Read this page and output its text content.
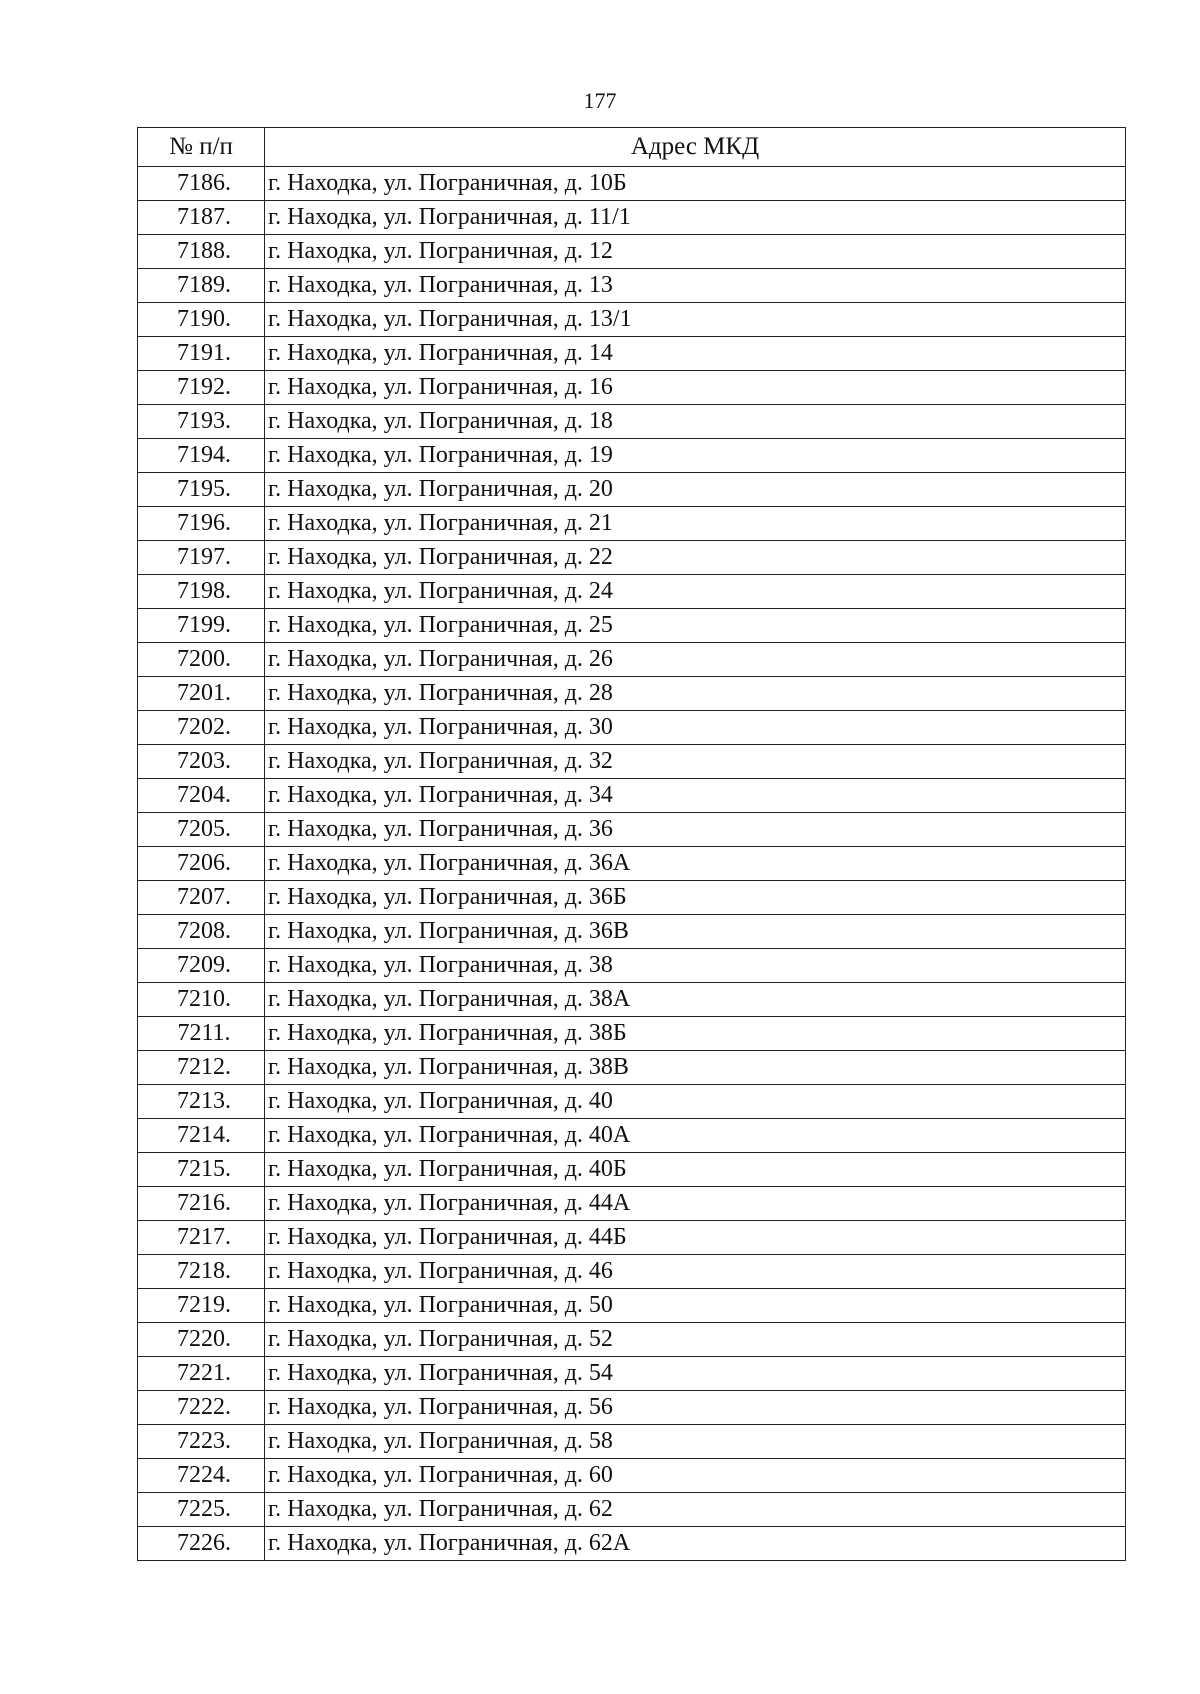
177
№ п/п	Адрес МКД
7186.	г. Находка, ул. Пограничная, д. 10Б
7187.	г. Находка, ул. Пограничная, д. 11/1
7188.	г. Находка, ул. Пограничная, д. 12
7189.	г. Находка, ул. Пограничная, д. 13
7190.	г. Находка, ул. Пограничная, д. 13/1
7191.	г. Находка, ул. Пограничная, д. 14
7192.	г. Находка, ул. Пограничная, д. 16
7193.	г. Находка, ул. Пограничная, д. 18
7194.	г. Находка, ул. Пограничная, д. 19
7195.	г. Находка, ул. Пограничная, д. 20
7196.	г. Находка, ул. Пограничная, д. 21
7197.	г. Находка, ул. Пограничная, д. 22
7198.	г. Находка, ул. Пограничная, д. 24
7199.	г. Находка, ул. Пограничная, д. 25
7200.	г. Находка, ул. Пограничная, д. 26
7201.	г. Находка, ул. Пограничная, д. 28
7202.	г. Находка, ул. Пограничная, д. 30
7203.	г. Находка, ул. Пограничная, д. 32
7204.	г. Находка, ул. Пограничная, д. 34
7205.	г. Находка, ул. Пограничная, д. 36
7206.	г. Находка, ул. Пограничная, д. 36А
7207.	г. Находка, ул. Пограничная, д. 36Б
7208.	г. Находка, ул. Пограничная, д. 36В
7209.	г. Находка, ул. Пограничная, д. 38
7210.	г. Находка, ул. Пограничная, д. 38А
7211.	г. Находка, ул. Пограничная, д. 38Б
7212.	г. Находка, ул. Пограничная, д. 38В
7213.	г. Находка, ул. Пограничная, д. 40
7214.	г. Находка, ул. Пограничная, д. 40А
7215.	г. Находка, ул. Пограничная, д. 40Б
7216.	г. Находка, ул. Пограничная, д. 44А
7217.	г. Находка, ул. Пограничная, д. 44Б
7218.	г. Находка, ул. Пограничная, д. 46
7219.	г. Находка, ул. Пограничная, д. 50
7220.	г. Находка, ул. Пограничная, д. 52
7221.	г. Находка, ул. Пограничная, д. 54
7222.	г. Находка, ул. Пограничная, д. 56
7223.	г. Находка, ул. Пограничная, д. 58
7224.	г. Находка, ул. Пограничная, д. 60
7225.	г. Находка, ул. Пограничная, д. 62
7226.	г. Находка, ул. Пограничная, д. 62А
